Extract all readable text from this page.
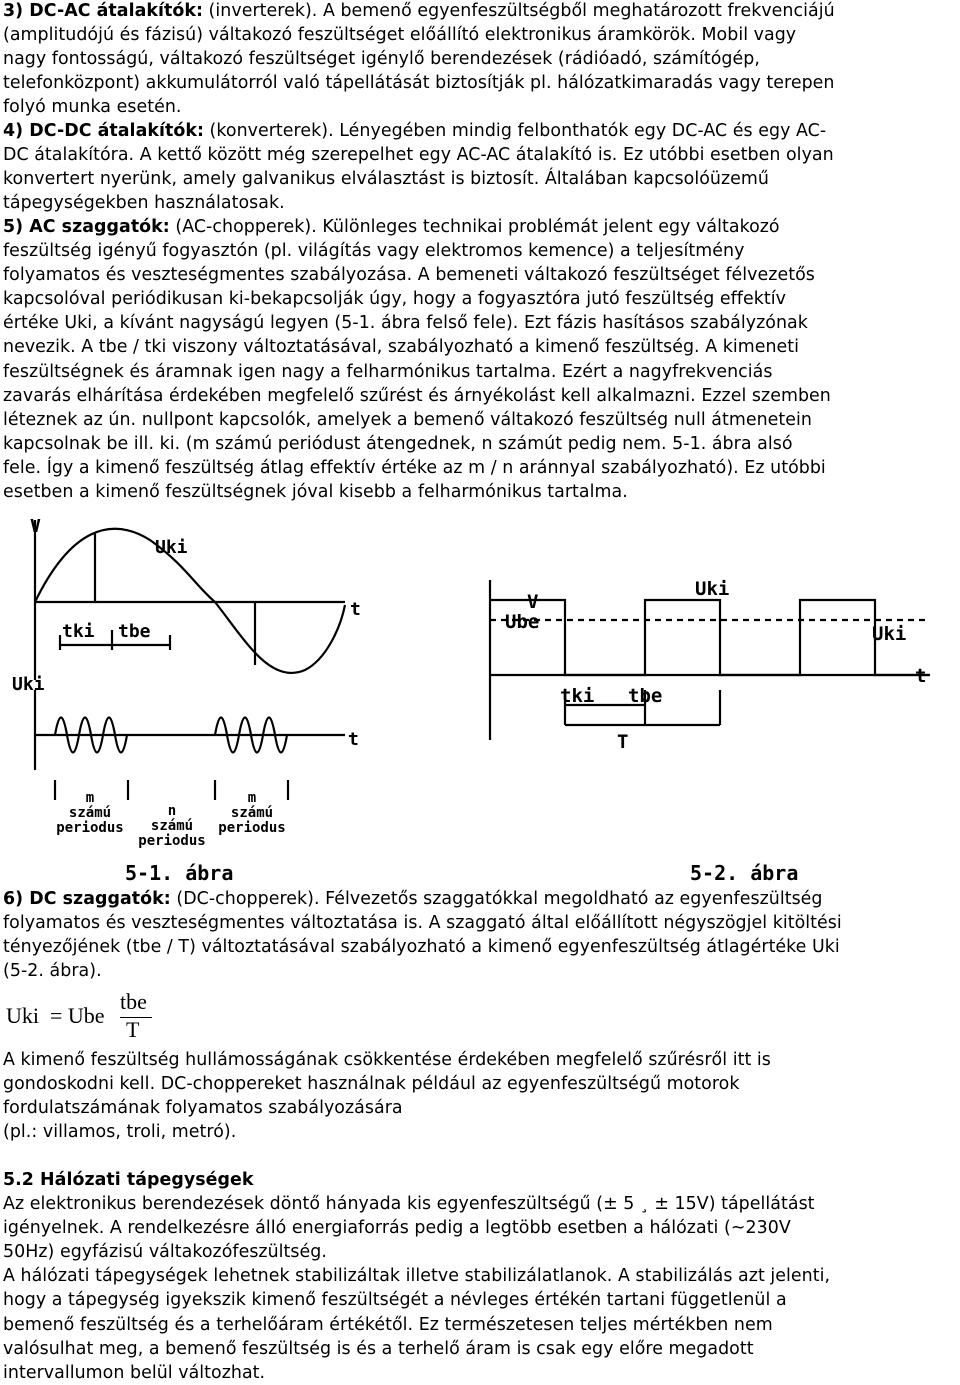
3) DC-AC átalakítók: (inverterek). A bemenő egyenfeszültségből meghatározott frekvenciájú
(amplitudójú és fázisú) váltakozó feszültséget előállító elektronikus áramkörök. Mobil vagy
nagy fontosságú, váltakozó feszültséget igénylő berendezések (rádióadó, számítógép,
telefonközpont) akkumulátorról való tápellátását biztosítják pl. hálózatkimaradás vagy terepen
folyó munka esetén.
4) DC-DC átalakítók: (konverterek). Lényegében mindig felbonthatók egy DC-AC és egy AC-
DC átalakítóra. A kettő között még szerepelhet egy AC-AC átalakító is. Ez utóbbi esetben olyan
konvertert nyerünk, amely galvanikus elválasztást is biztosít. Általában kapcsolóüzemű
tápegységekben használatosak.
5) AC szaggatók: (AC-chopperek). Különleges technikai problémát jelent egy váltakozó
feszültség igényű fogyasztón (pl. világítás vagy elektromos kemence) a teljesítmény
folyamatos és veszteségmentes szabályozása. A bemeneti váltakozó feszültséget félvezetős
kapcsolóval periódikusan ki-bekapcsolják úgy, hogy a fogyasztóra jutó feszültség effektív
értéke Uki, a kívánt nagyságú legyen (5-1. ábra felső fele). Ezt fázis hasításos szabályzónak
nevezik. A tbe / tki viszony változtatásával, szabályozható a kimenő feszültség. A kimeneti
feszültségnek és áramnak igen nagy a felharmónikus tartalma. Ezért a nagyfrekvenciás
zavarás elhárítása érdekében megfelelő szűrést és árnyékolást kell alkalmazni. Ezzel szemben
léteznek az ún. nullpont kapcsolók, amelyek a bemenő váltakozó feszültség null átmenetein
kapcsolnak be ill. ki. (m számú periódust átengednek, n számút pedig nem. 5-1. ábra alsó
fele. Így a kimenő feszültség átlag effektív értéke az m / n aránnyal szabályozható). Ez utóbbi
esetben a kimenő feszültségnek jóval kisebb a felharmónikus tartalma.
V
Uki
t
tki tbe
Uki
t
m
számú
periodus
n
számú
periodus
m
számú
periodus
5-1. ábra
V
Ube
Uki
Uki
t
tki tbe
T
5-2. ábra
6) DC szaggatók: (DC-chopperek). Félvezetős szaggatókkal megoldható az egyenfeszültség
folyamatos és veszteségmentes változtatása is. A szaggató által előállított négyszögjel kitöltési
tényezőjének (tbe / T) változtatásával szabályozható a kimenő egyenfeszültség átlagértéke Uki
(5-2. ábra).
Uki = Ube
tbe
T
A kimenő feszültség hullámosságának csökkentése érdekében megfelelő szűrésről itt is
gondoskodni kell. DC-choppereket használnak például az egyenfeszültségű motorok
fordulatszámának folyamatos szabályozására
(pl.: villamos, troli, metró).
5.2 Hálózati tápegységek
Az elektronikus berendezések döntő hányada kis egyenfeszültségű (± 5 ¸ ± 15V) tápellátást
igényelnek. A rendelkezésre álló energiaforrás pedig a legtöbb esetben a hálózati (~230V
50Hz) egyfázisú váltakozófeszültség.
A hálózati tápegységek lehetnek stabilizáltak illetve stabilizálatlanok. A stabilizálás azt jelenti,
hogy a tápegység igyekszik kimenő feszültségét a névleges értékén tartani függetlenül a
bemenő feszültség és a terhelőáram értékétől. Ez természetesen teljes mértékben nem
valósulhat meg, a bemenő feszültség is és a terhelő áram is csak egy előre megadott
intervallumon belül változhat.
